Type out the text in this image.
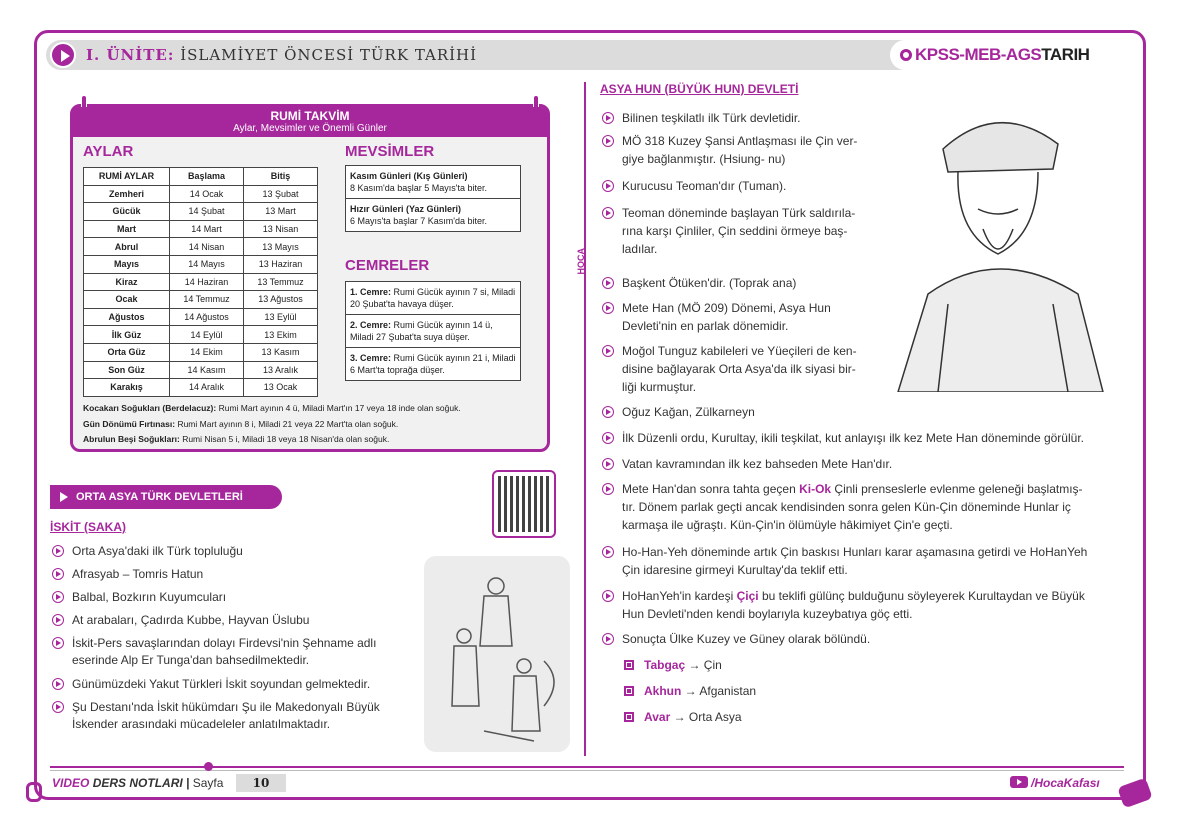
I. ÜNİTE: İSLAMİYET ÖNCESİ TÜRK TARİHİ	KPSS-MEB-AGSTARIH
HOCA
RUMİ TAKVİM
Aylar, Mevsimler ve Önemli Günler
AYLAR
RUMİ AYLAR	Başlama	Bitiş
Zemheri	14 Ocak	13 Şubat
Gücük	14 Şubat	13 Mart
Mart	14 Mart	13 Nisan
Abrul	14 Nisan	13 Mayıs
Mayıs	14 Mayıs	13 Haziran
Kiraz	14 Haziran	13 Temmuz
Ocak	14 Temmuz	13 Ağustos
Ağustos	14 Ağustos	13 Eylül
İlk Güz	14 Eylül	13 Ekim
Orta Güz	14 Ekim	13 Kasım
Son Güz	14 Kasım	13 Aralık
Karakış	14 Aralık	13 Ocak
MEVSİMLER
Kasım Günleri (Kış Günleri)
8 Kasım'da başlar 5 Mayıs'ta biter.
Hızır Günleri (Yaz Günleri)
6 Mayıs'ta başlar 7 Kasım'da biter.
CEMRELER
1. Cemre: Rumi Gücük ayının 7 si, Miladi 20 Şubat'ta havaya düşer.
2. Cemre: Rumi Gücük ayının 14 ü, Miladi 27 Şubat'ta suya düşer.
3. Cemre: Rumi Gücük ayının 21 i, Miladi 6 Mart'ta toprağa düşer.
Kocakarı Soğukları (Berdelacuz): Rumi Mart ayının 4 ü, Miladi Mart'ın 17 veya 18 inde olan soğuk.
Gün Dönümü Fırtınası: Rumi Mart ayının 8 i, Miladi 21 veya 22 Mart'ta olan soğuk.
Abrulun Beşi Soğukları: Rumi Nisan 5 i, Miladi 18 veya 18 Nisan'da olan soğuk.
ORTA ASYA TÜRK DEVLETLERİ
İSKİT (SAKA)
Orta Asya'daki ilk Türk topluluğu
Afrasyab – Tomris Hatun
Balbal, Bozkırın Kuyumcuları
At arabaları, Çadırda Kubbe, Hayvan Üslubu
İskit-Pers savaşlarından dolayı Firdevsi'nin Şehname adlı
eserinde Alp Er Tunga'dan bahsedilmektedir.
Günümüzdeki Yakut Türkleri İskit soyundan gelmektedir.
Şu Destanı'nda İskit hükümdarı Şu ile Makedonyalı Büyük
İskender arasındaki mücadeleler anlatılmaktadır.
ASYA HUN (BÜYÜK HUN) DEVLETİ
Bilinen teşkilatlı ilk Türk devletidir.
MÖ 318 Kuzey Şansi Antlaşması ile Çin ver-
giye bağlanmıştır. (Hsiung- nu)
Kurucusu Teoman'dır (Tuman).
Teoman döneminde başlayan Türk saldırıla-
rına karşı Çinliler, Çin seddini örmeye baş-
ladılar.
Başkent Ötüken'dir. (Toprak ana)
Mete Han (MÖ 209) Dönemi, Asya Hun
Devleti'nin en parlak dönemidir.
Moğol Tunguz kabileleri ve Yüeçileri de ken-
disine bağlayarak Orta Asya'da ilk siyasi bir-
liği kurmuştur.
Oğuz Kağan, Zülkarneyn
İlk Düzenli ordu, Kurultay, ikili teşkilat, kut anlayışı ilk kez Mete Han döneminde görülür.
Vatan kavramından ilk kez bahseden Mete Han'dır.
Mete Han'dan sonra tahta geçen Ki-Ok Çinli prenseslerle evlenme geleneği başlatmış-
tır. Dönem parlak geçti ancak kendisinden sonra gelen Kün-Çin döneminde Hunlar iç
karmaşa ile uğraştı. Kün-Çin'in ölümüyle hâkimiyet Çin'e geçti.
Ho-Han-Yeh döneminde artık Çin baskısı Hunları karar aşamasına getirdi ve HoHanYeh
Çin idaresine girmeyi Kurultay'da teklif etti.
HoHanYeh'in kardeşi Çiçi bu teklifi gülünç bulduğunu söyleyerek Kurultaydan ve Büyük
Hun Devleti'nden kendi boylarıyla kuzeybatıya göç etti.
Sonuçta Ülke Kuzey ve Güney olarak bölündü.
Tabgaç → Çin
Akhun → Afganistan
Avar → Orta Asya
VIDEO DERS NOTLARI | Sayfa	10	/HocaKafası
